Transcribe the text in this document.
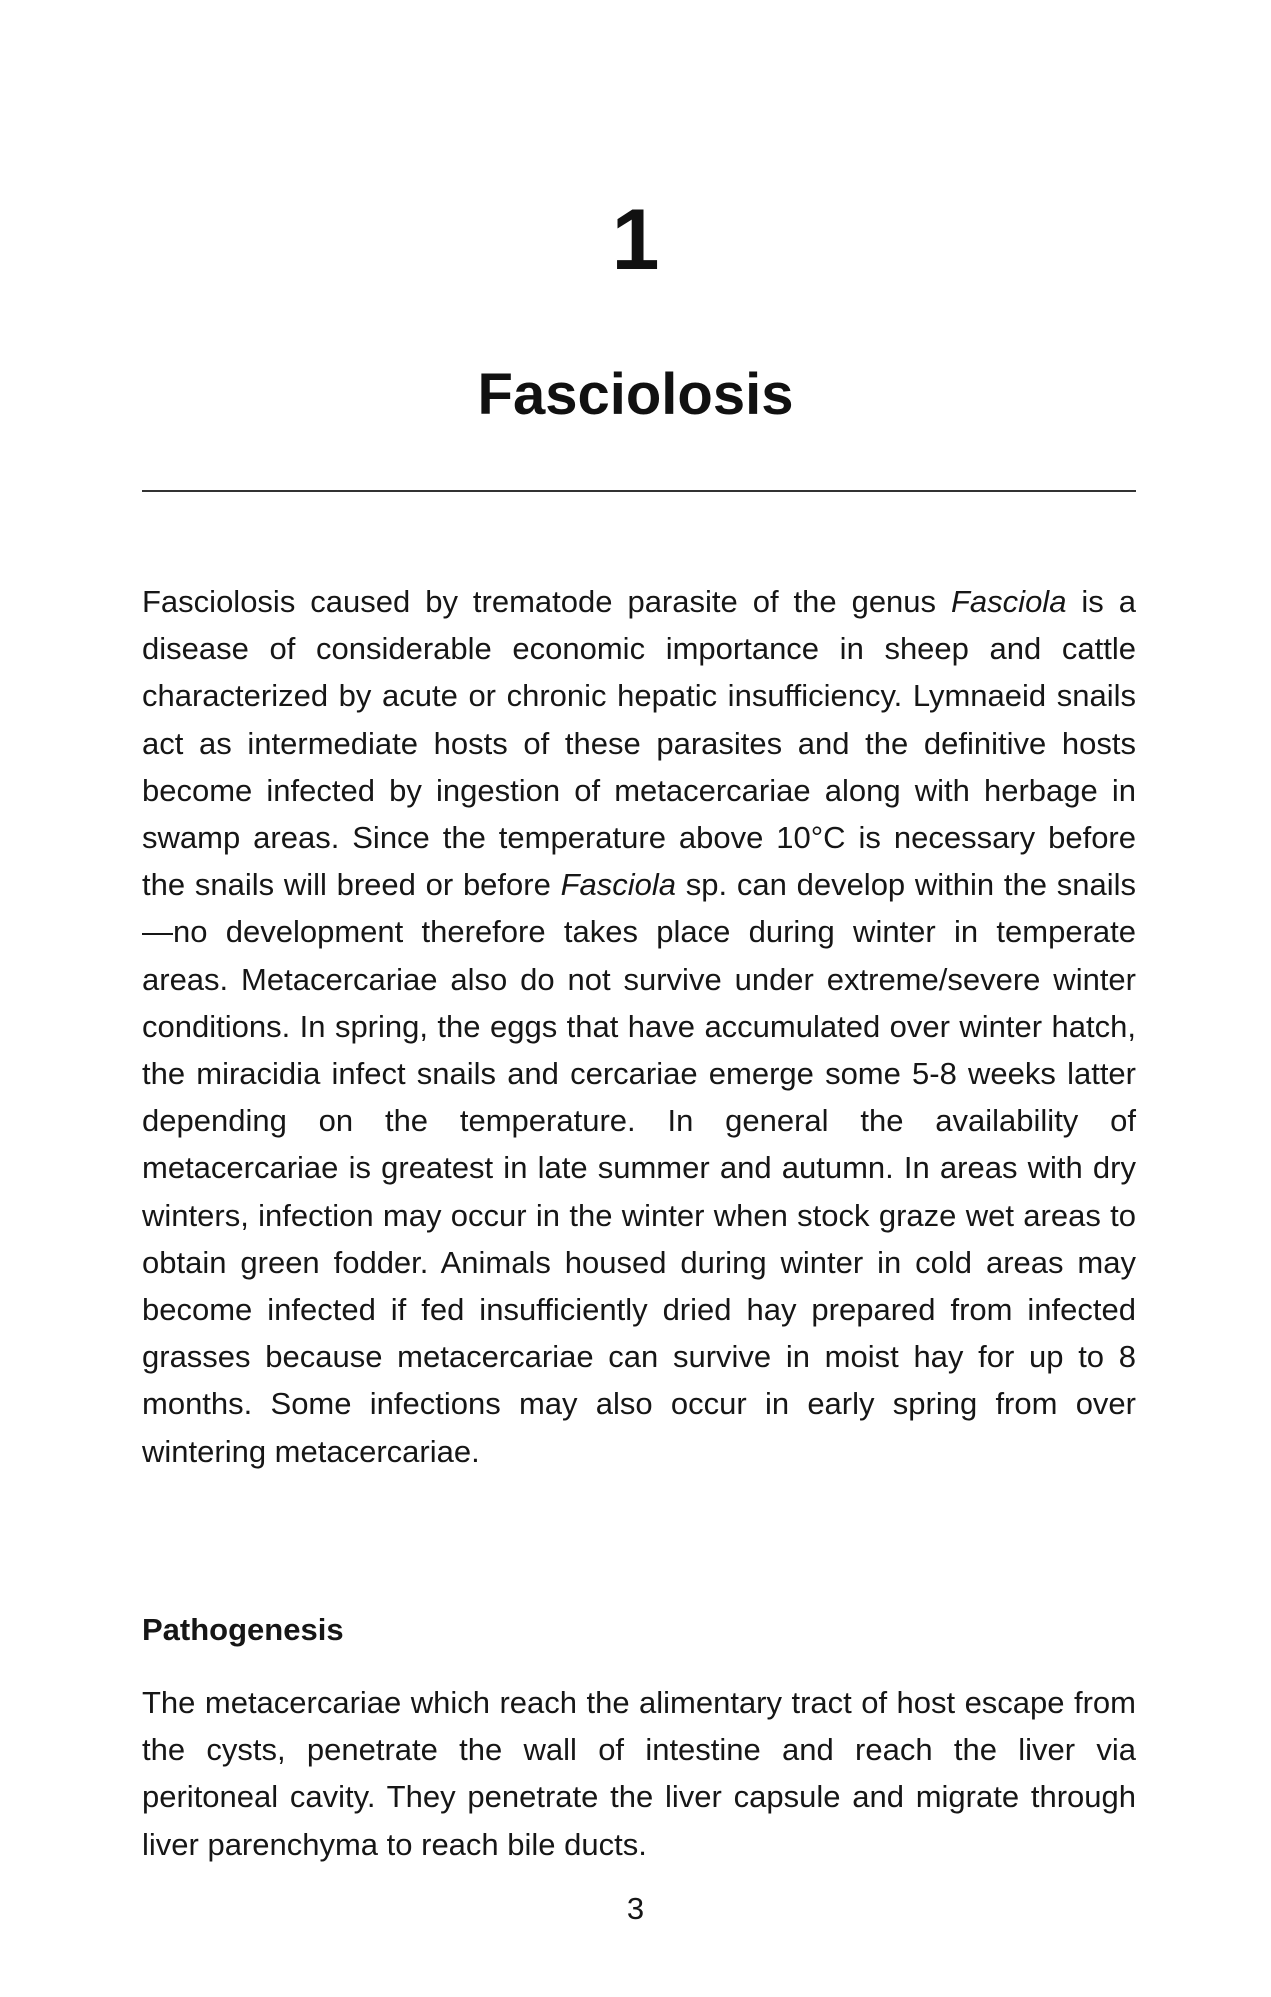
1
Fasciolosis

Fasciolosis caused by trematode parasite of the genus Fasciola is a disease of considerable economic importance in sheep and cattle characterized by acute or chronic hepatic insufficiency. Lymnaeid snails act as intermediate hosts of these parasites and the definitive hosts become infected by ingestion of metacercariae along with herbage in swamp areas. Since the temperature above 10°C is necessary before the snails will breed or before Fasciola sp. can develop within the snails—no development therefore takes place during winter in temperate areas. Metacercariae also do not survive under extreme/severe winter conditions. In spring, the eggs that have accumulated over winter hatch, the miracidia infect snails and cercariae emerge some 5-8 weeks latter depending on the temperature. In general the availability of metacercariae is greatest in late summer and autumn. In areas with dry winters, infection may occur in the winter when stock graze wet areas to obtain green fodder. Animals housed during winter in cold areas may become infected if fed insufficiently dried hay prepared from infected grasses because metacercariae can survive in moist hay for up to 8 months. Some infections may also occur in early spring from over wintering metacercariae.

Pathogenesis

The metacercariae which reach the alimentary tract of host escape from the cysts, penetrate the wall of intestine and reach the liver via peritoneal cavity. They penetrate the liver capsule and migrate through liver parenchyma to reach bile ducts.

3
